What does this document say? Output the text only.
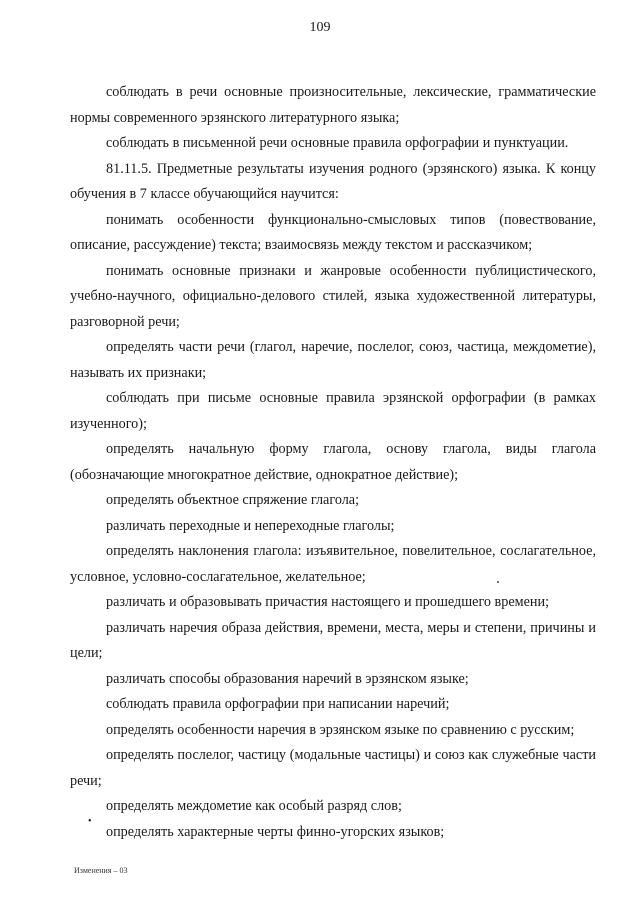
109

соблюдать в речи основные произносительные, лексические, грамматические нормы современного эрзянского литературного языка;

соблюдать в письменной речи основные правила орфографии и пунктуации.

81.11.5. Предметные результаты изучения родного (эрзянского) языка. К концу обучения в 7 классе обучающийся научится:

понимать особенности функционально-смысловых типов (повествование, описание, рассуждение) текста; взаимосвязь между текстом и рассказчиком;

понимать основные признаки и жанровые особенности публицистического, учебно-научного, официально-делового стилей, языка художественной литературы, разговорной речи;

определять части речи (глагол, наречие, послелог, союз, частица, междометие), называть их признаки;

соблюдать при письме основные правила эрзянской орфографии (в рамках изученного);

определять начальную форму глагола, основу глагола, виды глагола (обозначающие многократное действие, однократное действие);

определять объектное спряжение глагола;

различать переходные и непереходные глаголы;

определять наклонения глагола: изъявительное, повелительное, сослагательное, условное, условно-сослагательное, желательное;

различать и образовывать причастия настоящего и прошедшего времени;

различать наречия образа действия, времени, места, меры и степени, причины и цели;

различать способы образования наречий в эрзянском языке;

соблюдать правила орфографии при написании наречий;

определять особенности наречия в эрзянском языке по сравнению с русским;

определять послелог, частицу (модальные частицы) и союз как служебные части речи;

определять междометие как особый разряд слов;

определять характерные черты финно-угорских языков;

•
Изменения – 03
